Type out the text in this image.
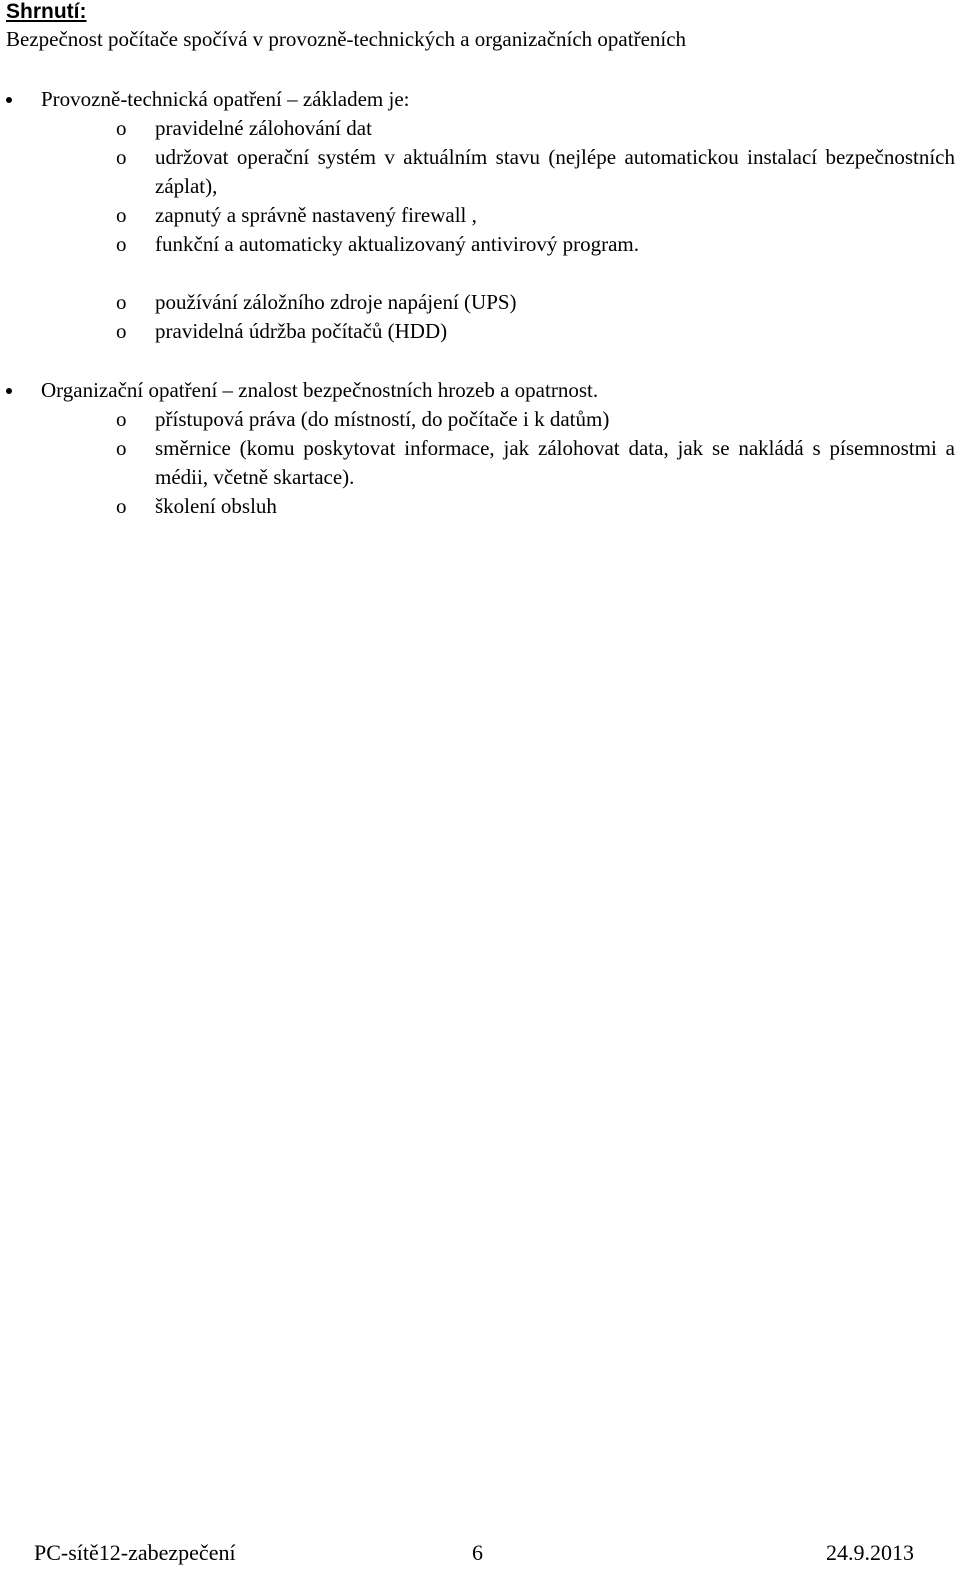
Shrnutí:
Bezpečnost počítače spočívá v provozně-technických a organizačních opatřeních
Provozně-technická opatření – základem je:
o pravidelné zálohování dat
o udržovat operační systém v aktuálním stavu (nejlépe automatickou instalací bezpečnostních záplat),
o zapnutý a správně nastavený firewall ,
o funkční a automaticky aktualizovaný antivirový program.
o používání záložního zdroje napájení (UPS)
o pravidelná údržba počítačů (HDD)
Organizační opatření – znalost bezpečnostních hrozeb a opatrnost.
o přístupová práva (do místností, do počítače i k datům)
o směrnice (komu poskytovat informace, jak zálohovat data, jak se nakládá s písemnostmi a médii, včetně skartace).
o školení obsluh
PC-sítě12-zabezpečení	6	24.9.2013
